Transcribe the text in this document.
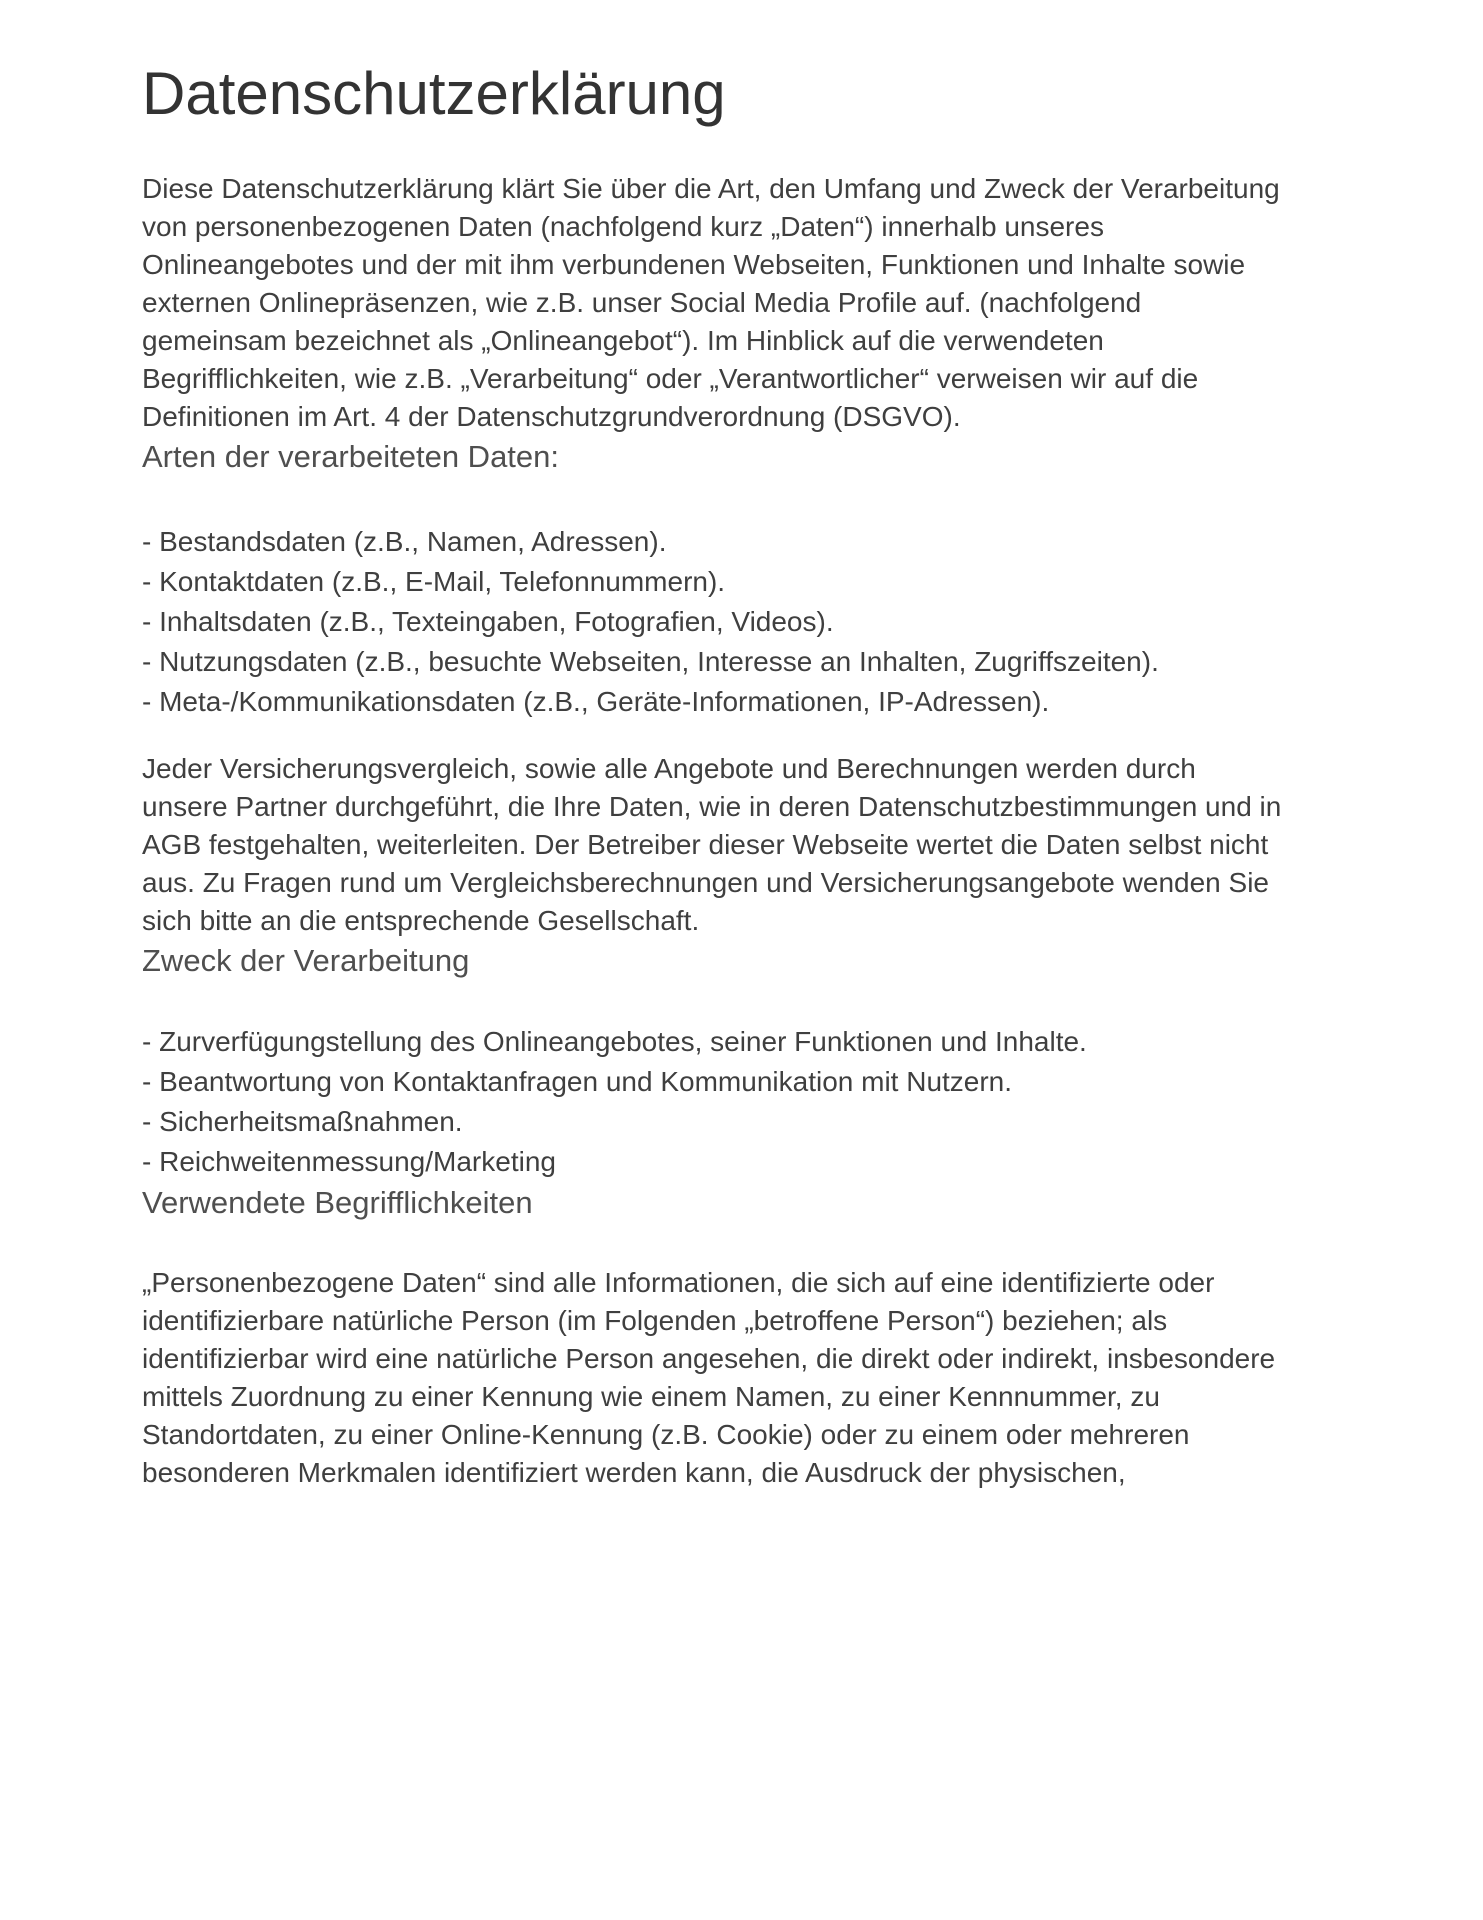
Datenschutzerklärung

Diese Datenschutzerklärung klärt Sie über die Art, den Umfang und Zweck der Verarbeitung von personenbezogenen Daten (nachfolgend kurz „Daten“) innerhalb unseres Onlineangebotes und der mit ihm verbundenen Webseiten, Funktionen und Inhalte sowie externen Onlinepräsenzen, wie z.B. unser Social Media Profile auf. (nachfolgend gemeinsam bezeichnet als „Onlineangebot“). Im Hinblick auf die verwendeten Begrifflichkeiten, wie z.B. „Verarbeitung“ oder „Verantwortlicher“ verweisen wir auf die Definitionen im Art. 4 der Datenschutzgrundverordnung (DSGVO).

Arten der verarbeiteten Daten:
- Bestandsdaten (z.B., Namen, Adressen).
- Kontaktdaten (z.B., E-Mail, Telefonnummern).
- Inhaltsdaten (z.B., Texteingaben, Fotografien, Videos).
- Nutzungsdaten (z.B., besuchte Webseiten, Interesse an Inhalten, Zugriffszeiten).
- Meta-/Kommunikationsdaten (z.B., Geräte-Informationen, IP-Adressen).

Jeder Versicherungsvergleich, sowie alle Angebote und Berechnungen werden durch unsere Partner durchgeführt, die Ihre Daten, wie in deren Datenschutzbestimmungen und in AGB festgehalten, weiterleiten. Der Betreiber dieser Webseite wertet die Daten selbst nicht aus. Zu Fragen rund um Vergleichsberechnungen und Versicherungsangebote wenden Sie sich bitte an die entsprechende Gesellschaft.

Zweck der Verarbeitung
- Zurverfügungstellung des Onlineangebotes, seiner Funktionen und Inhalte.
- Beantwortung von Kontaktanfragen und Kommunikation mit Nutzern.
- Sicherheitsmaßnahmen.
- Reichweitenmessung/Marketing
Verwendete Begrifflichkeiten

„Personenbezogene Daten“ sind alle Informationen, die sich auf eine identifizierte oder identifizierbare natürliche Person (im Folgenden „betroffene Person“) beziehen; als identifizierbar wird eine natürliche Person angesehen, die direkt oder indirekt, insbesondere mittels Zuordnung zu einer Kennung wie einem Namen, zu einer Kennnummer, zu Standortdaten, zu einer Online-Kennung (z.B. Cookie) oder zu einem oder mehreren besonderen Merkmalen identifiziert werden kann, die Ausdruck der physischen,
